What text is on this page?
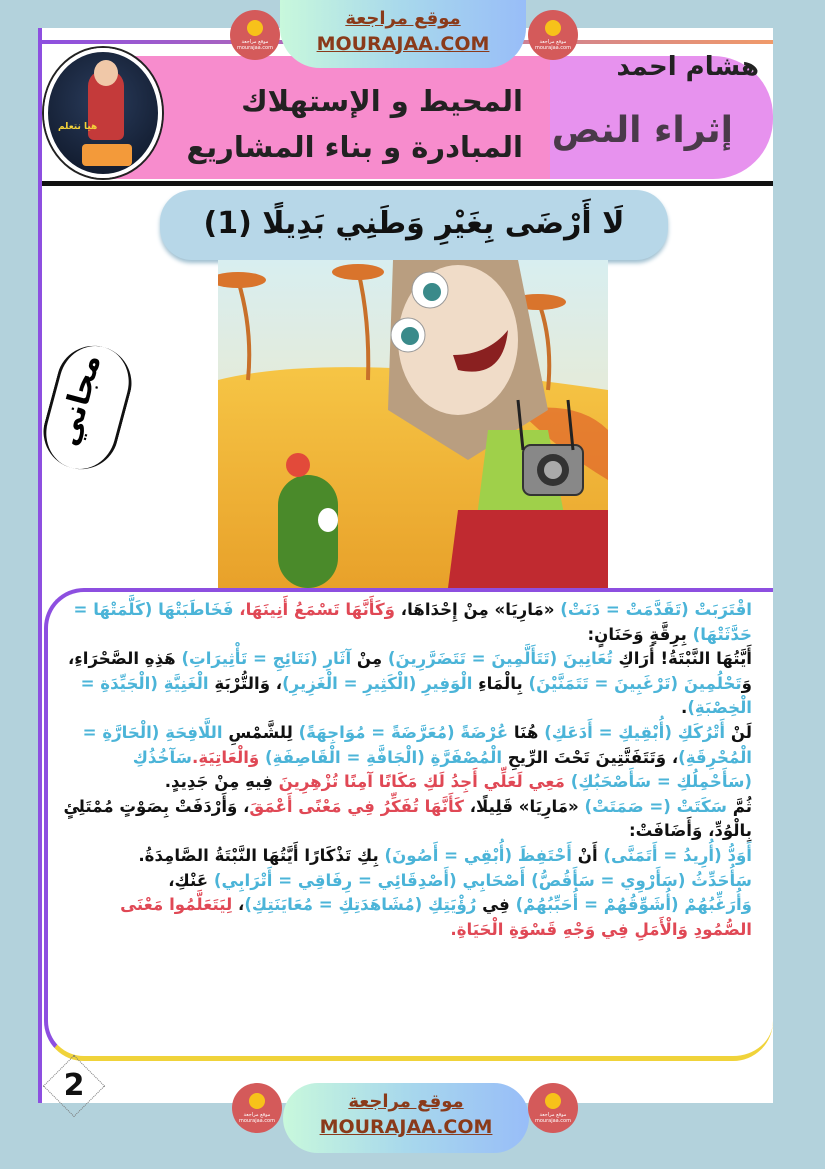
هيا نتعلم
المحيط و الإستهلاك
المبادرة و بناء المشاريع
هشام احمد
إثراء النص
لَا أَرْضَى بِغَيْرِ وَطَنِي بَدِيلًا (1)
مجاني

اقْتَرَبَتْ (تَقَدَّمَتْ = دَنَتْ) «مَارِيَا» مِنْ إِحْدَاهَا، وَكَأَنَّهَا تَسْمَعُ أَنِينَهَا، فَخَاطَبَتْهَا (كَلَّمَتْهَا = حَدَّثَتْهَا) بِرِقَّةٍ وَحَنَانٍ:

أَيَّتُهَا النَّبْتَةُ! أَرَاكِ تُعَانِينَ (تَتَأَلَّمِينَ = تَتَضَرَّرِينَ) مِنْ آثَارِ (نَتَائِجِ = تَأْثِيرَاتِ) هَذِهِ الصَّحْرَاءِ، وَتَحْلُمِينَ (تَرْغَبِينَ = تَتَمَنَّيْنَ) بِالْمَاءِ الْوَفِيرِ (الْكَثِيرِ = الْغَزِيرِ)، وَالتُّرْبَةِ الْغَنِيَّةِ (الْجَيِّدَةِ = الْخِصْبَةِ).

لَنْ أَتْرُكَكِ (أُبْقِيكِ = أَدَعَكِ) هُنَا عُرْضَةً (مُعَرَّضَةً = مُوَاجِهَةً) لِلشَّمْسِ اللَّافِحَةِ (الْحَارَّةِ = الْمُحْرِقَةِ)، وَتَتَفَتَّتِينَ تَحْتَ الرِّيحِ الْمُصْفَرَّةِ (الْجَافَّةِ = الْقَاصِفَةِ) وَالْعَاتِيَةِ.سَآخُذُكِ (سَأَحْمِلُكِ = سَأَصْحَبُكِ) مَعِي لَعَلِّي أَجِدُ لَكِ مَكَانًا آمِنًا تُزْهِرِينَ فِيهِ مِنْ جَدِيدٍ.

ثُمَّ سَكَتَتْ (= صَمَتَتْ) «مَارِيَا» قَلِيلًا، كَأَنَّهَا تُفَكِّرُ فِي مَعْنًى أَعْمَقَ، وَأَرْدَفَتْ بِصَوْتٍ مُمْتَلِئٍ بِالْوُدِّ، وَأَضَافَتْ:

أَوَدُّ (أُرِيدُ = أَتَمَنَّى) أَنْ أَحْتَفِظَ (أُبْقِي = أَصُونَ) بِكِ تَذْكَارًا أَيَّتُهَا النَّبْتَةُ الصَّامِدَةُ.

سَأُحَدِّثُ (سَأَرْوِي = سَأَقُصُّ) أَصْحَابِي (أَصْدِقَائِي = رِفَاقِي = أَتْرَابِي) عَنْكِ،

وَأُرَغِّبُهُمْ (أُشَوِّقُهُمْ = أُحَبِّبُهُمْ) فِي رُؤْيَتِكِ (مُشَاهَدَتِكِ = مُعَايَنَتِكِ)، لِيَتَعَلَّمُوا مَعْنَى الصُّمُودِ وَالْأَمَلِ فِي وَجْهِ قَسْوَةِ الْحَيَاةِ.

2
موقع مراجعة mourajaa.com
موقع مراجعة
MOURAJAA.COM	موقع مراجعة mourajaa.com
موقع مراجعة mourajaa.com
موقع مراجعة
MOURAJAA.COM
موقع مراجعة mourajaa.com
